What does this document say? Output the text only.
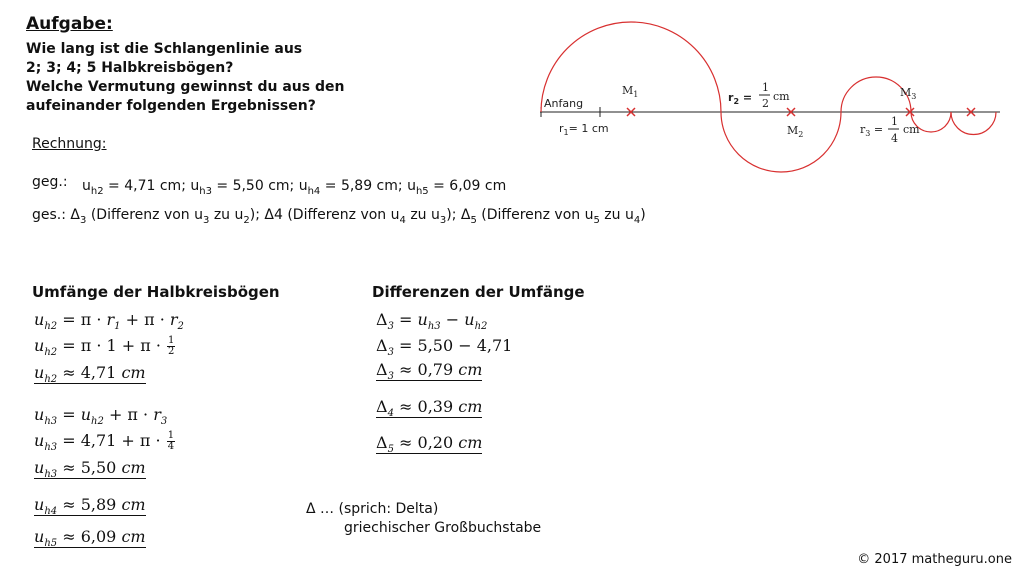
Anfang
$r_1= 1$ cm
$M_1$
$M_2$
$M_3$
$r_2$ =
1
2
cm
$r_3$ =
1
4
cm
Aufgabe:
Wie lang ist die Schlangenlinie aus
2; 3; 4; 5 Halbkreisbögen?
Welche Vermutung gewinnst du aus den
aufeinander folgenden Ergebnissen?
Rechnung:
geg.: $u_{h2} = 4,71$ cm; $u_{h3} = 5,50$ cm; $u_{h4} = 5,89$ cm; $u_{h5} = 6,09$ cm
ges.: $\Delta_3$ (Differenz von $u_3$ zu $u_2$); Δ4 (Differenz von $u_4$ zu $u_3$); $\Delta_5$ (Differenz von $u_5$ zu $u_4$)
Umfänge der Halbkreisbögen	Differenzen der Umfänge
$u_{h2} = \pi \cdot r_1 + \pi \cdot r_2$
$u_{h2} = \pi \cdot 1 + \pi \cdot \frac{1}{2}$
$u_{h2} \approx 4,71$ cm
$u_{h3} = u_{h2} + \pi \cdot r_3$
$u_{h3} = 4,71 + \pi \cdot \frac{1}{4}$
$u_{h3} \approx 5,50$ cm
$u_{h4} \approx 5,89$ cm
$u_{h5} \approx 6,09$ cm
$\Delta_3 = u_{h3} - u_{h2}$
$\Delta_3 = 5,50 - 4,71$
$\Delta_3 \approx 0,79$ cm
$\Delta_4 \approx 0,39$ cm
$\Delta_5 \approx 0,20$ cm
Δ … (sprich: Delta)
griechischer Großbuchstabe
© 2017 matheguru.one
